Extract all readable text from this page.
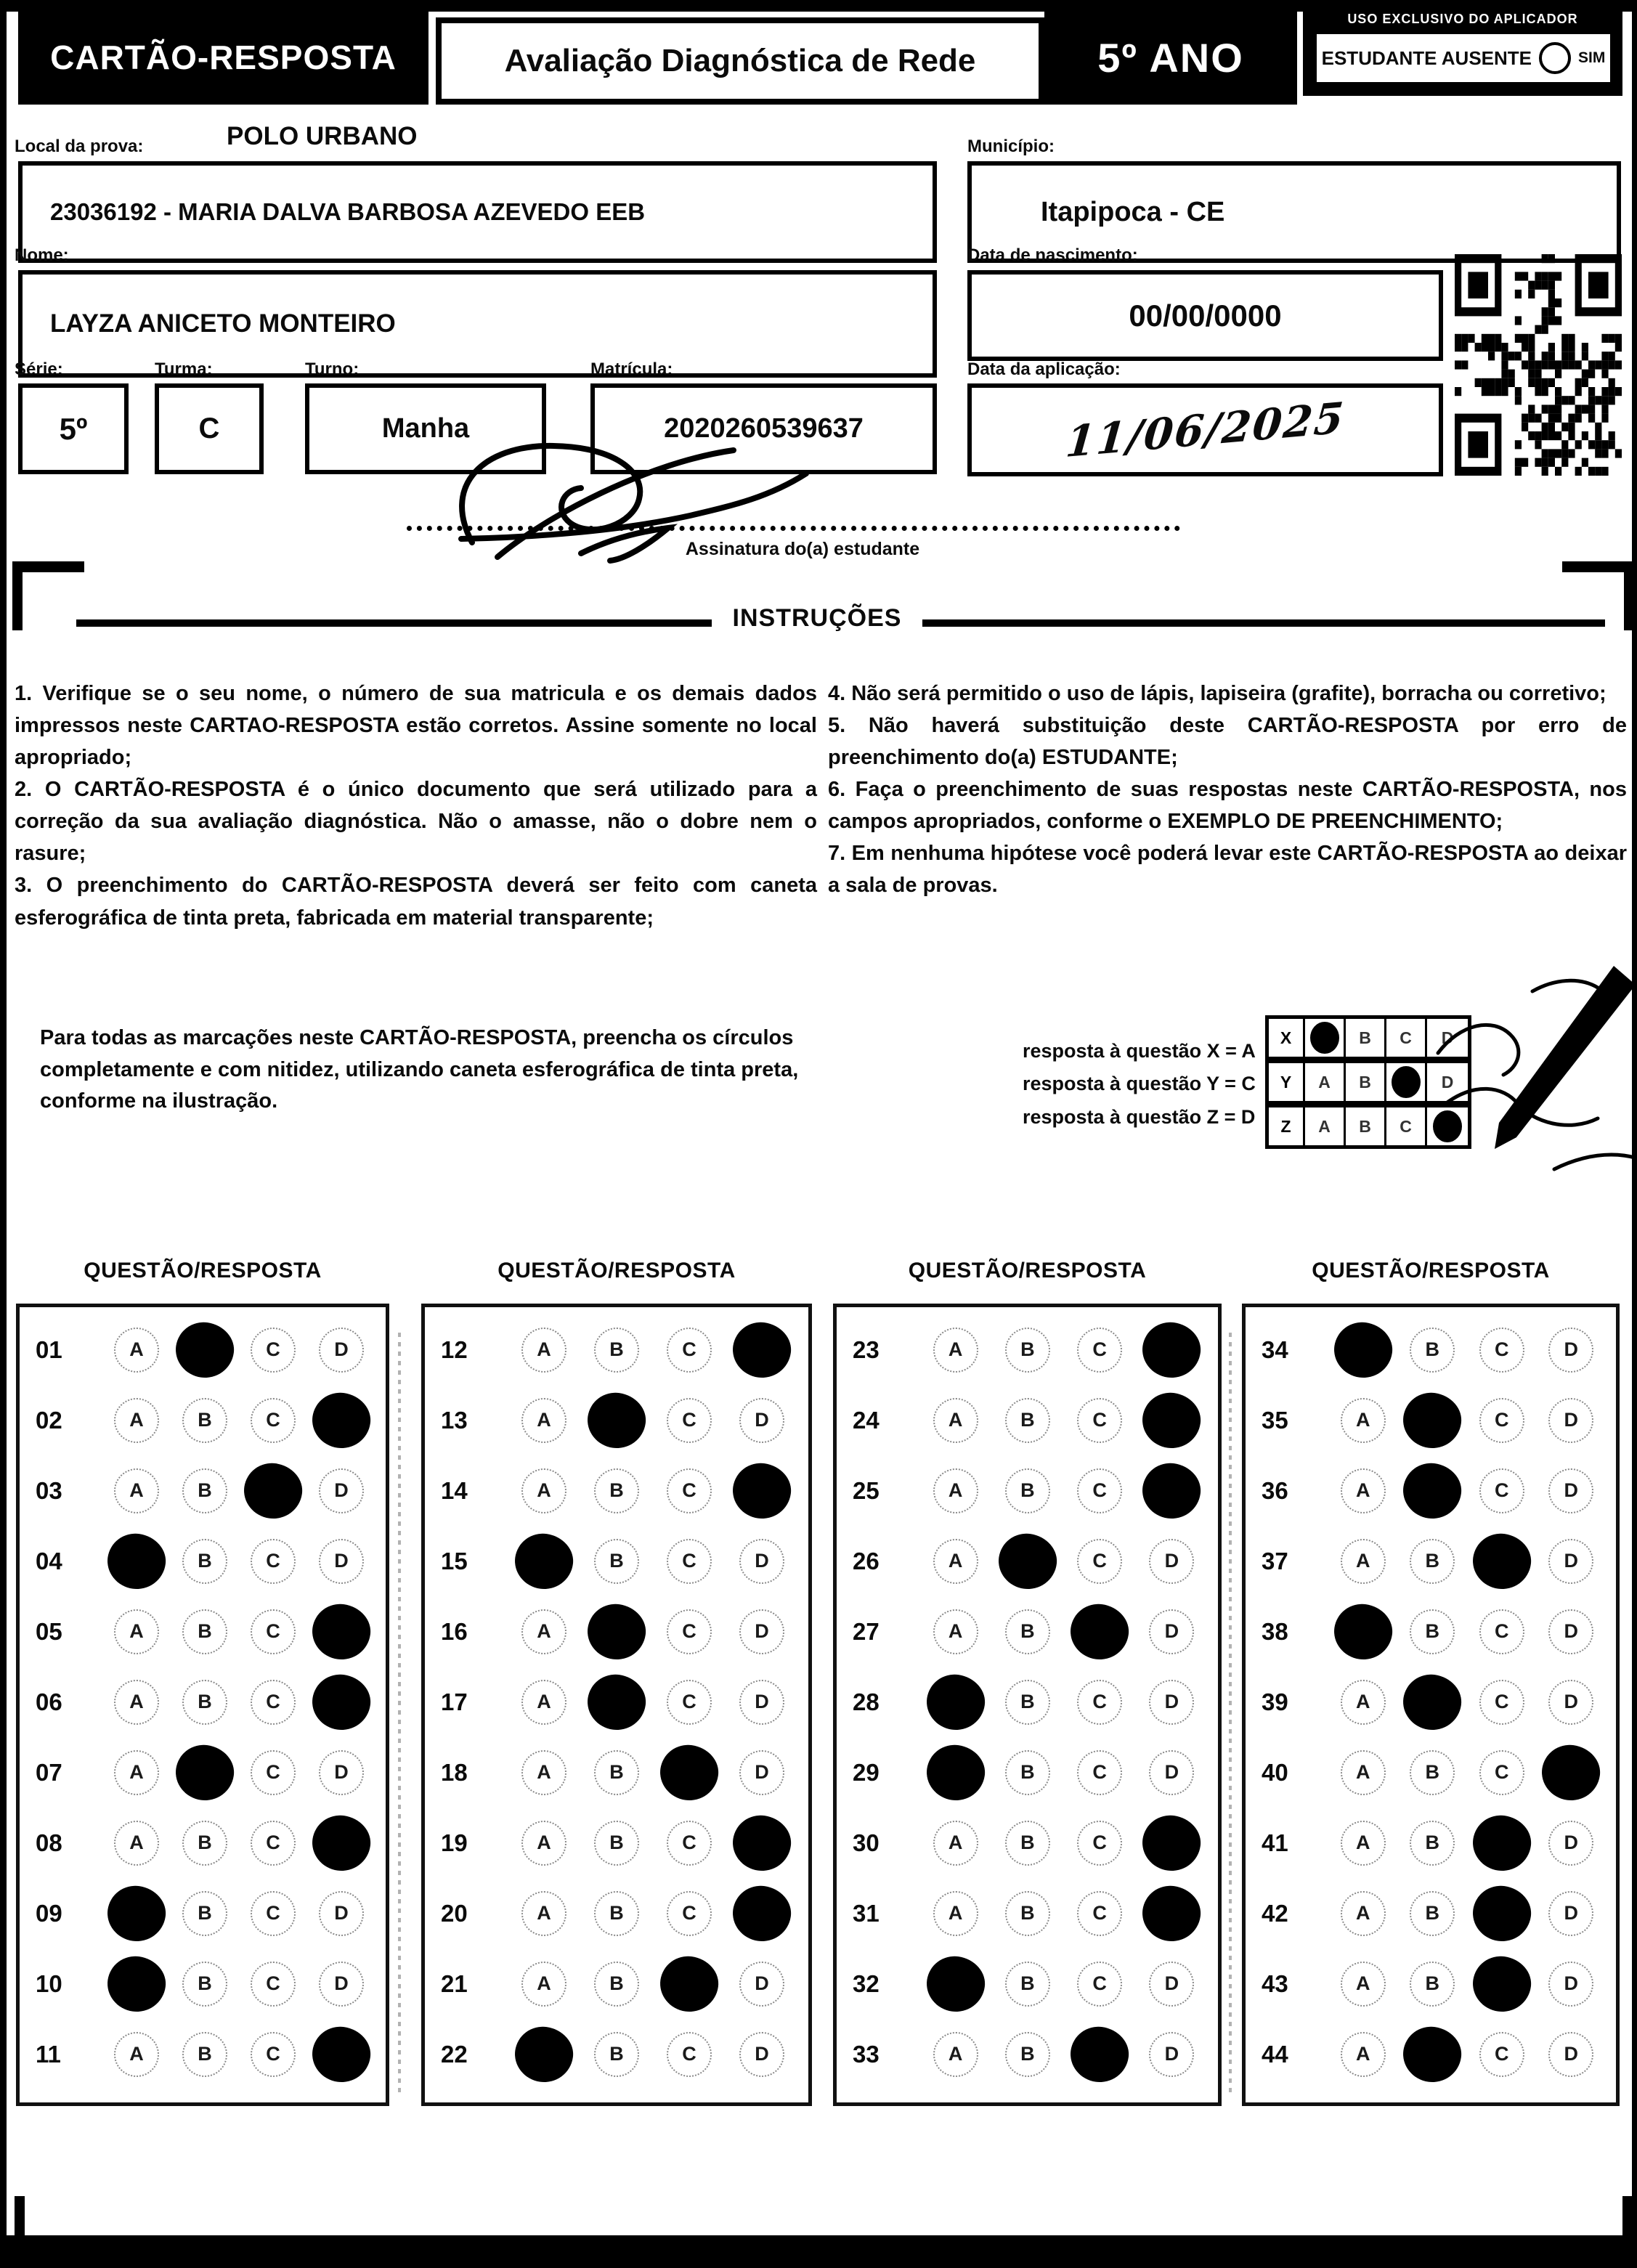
CARTÃO-RESPOSTA	Avaliação Diagnóstica de Rede	5º ANO
USO EXCLUSIVO DO APLICADOR
ESTUDANTE AUSENTE	SIM
Local da prova:	POLO URBANO
23036192 - MARIA DALVA BARBOSA AZEVEDO EEB
Município:
Itapipoca - CE
Nome:
LAYZA ANICETO MONTEIRO
Data de nascimento:
00/00/0000
Série:
5º
Turma:
C
Turno:
Manha
Matrícula:
2020260539637
Data da aplicação:
11/06/2025
Assinatura do(a) estudante
INSTRUÇÕES

1. Verifique se o seu nome, o número de sua matricula e os demais dados impressos neste CARTAO-RESPOSTA estão corretos. Assine somente no local apropriado;

2. O CARTÃO-RESPOSTA é o único documento que será utilizado para a correção da sua avaliação diagnóstica. Não o amasse, não o dobre nem o rasure;

3. O preenchimento do CARTÃO-RESPOSTA deverá ser feito com caneta esferográfica de tinta preta, fabricada em material transparente;

4. Não será permitido o uso de lápis, lapiseira (grafite), borracha ou corretivo;

5. Não haverá substituição deste CARTÃO-RESPOSTA por erro de preenchimento do(a) ESTUDANTE;

6. Faça o preenchimento de suas respostas neste CARTÃO-RESPOSTA, nos campos apropriados, conforme o EXEMPLO DE PREENCHIMENTO;

7. Em nenhuma hipótese você poderá levar este CARTÃO-RESPOSTA ao deixar a sala de provas.

Para todas as marcações neste CARTÃO-RESPOSTA, preencha os círculos completamente e com nitidez, utilizando caneta esferográfica de tinta preta, conforme na ilustração.
resposta à questão X = A
resposta à questão Y = C
resposta à questão Z = D
X	B	C	D
Y	A	B	D
Z	A	B	C
QUESTÃO/RESPOSTA	QUESTÃO/RESPOSTA	QUESTÃO/RESPOSTA	QUESTÃO/RESPOSTA
01	A	C	D
02	A	B	C
03	A	B	D
04	B	C	D
05	A	B	C
06	A	B	C
07	A	C	D
08	A	B	C
09	B	C	D
10	B	C	D
11	A	B	C
12	A	B	C
13	A	C	D
14	A	B	C
15	B	C	D
16	A	C	D
17	A	C	D
18	A	B	D
19	A	B	C
20	A	B	C
21	A	B	D
22	B	C	D
23	A	B	C
24	A	B	C
25	A	B	C
26	A	C	D
27	A	B	D
28	B	C	D
29	B	C	D
30	A	B	C
31	A	B	C
32	B	C	D
33	A	B	D
34	B	C	D
35	A	C	D
36	A	C	D
37	A	B	D
38	B	C	D
39	A	C	D
40	A	B	C
41	A	B	D
42	A	B	D
43	A	B	D
44	A	C	D
